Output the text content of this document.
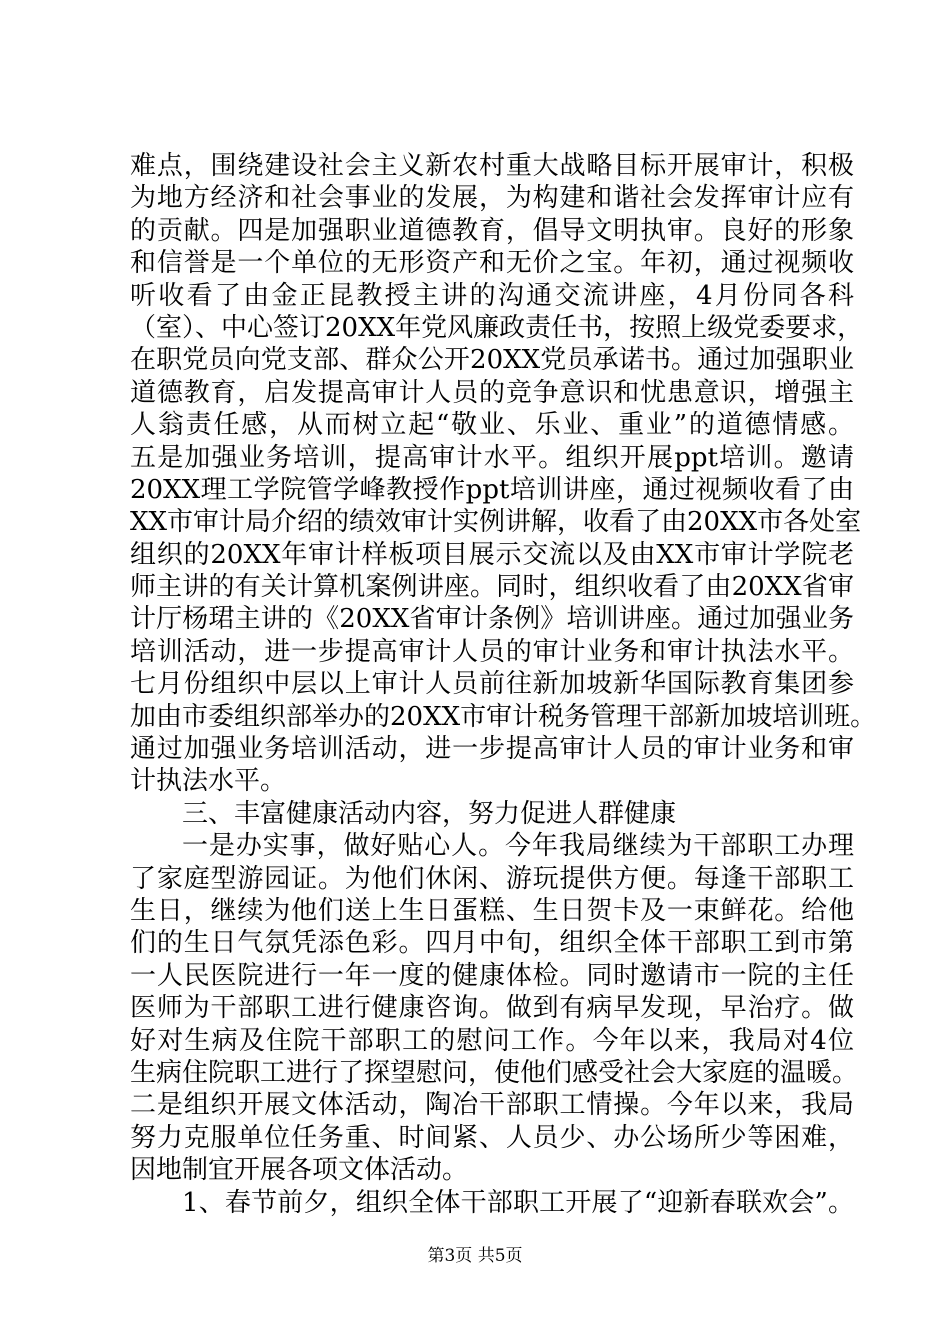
难点，围绕建设社会主义新农村重大战略目标开展审计，积极
为地方经济和社会事业的发展，为构建和谐社会发挥审计应有
的贡献。四是加强职业道德教育，倡导文明执审。良好的形象
和信誉是一个单位的无形资产和无价之宝。年初，通过视频收
听收看了由金正昆教授主讲的沟通交流讲座，4月份同各科
（室）、中心签订20XX年党风廉政责任书，按照上级党委要求，
在职党员向党支部、群众公开20XX党员承诺书。通过加强职业
道德教育，启发提高审计人员的竞争意识和忧患意识，增强主
人翁责任感，从而树立起“敬业、乐业、重业”的道德情感。
五是加强业务培训，提高审计水平。组织开展ppt培训。邀请
20XX理工学院管学峰教授作ppt培训讲座，通过视频收看了由
XX市审计局介绍的绩效审计实例讲解，收看了由20XX市各处室
组织的20XX年审计样板项目展示交流以及由XX市审计学院老
师主讲的有关计算机案例讲座。同时，组织收看了由20XX省审
计厅杨珺主讲的《20XX省审计条例》培训讲座。通过加强业务
培训活动，进一步提高审计人员的审计业务和审计执法水平。
七月份组织中层以上审计人员前往新加坡新华国际教育集团参
加由市委组织部举办的20XX市审计税务管理干部新加坡培训班。
通过加强业务培训活动，进一步提高审计人员的审计业务和审
计执法水平。
三、丰富健康活动内容，努力促进人群健康
一是办实事，做好贴心人。今年我局继续为干部职工办理
了家庭型游园证。为他们休闲、游玩提供方便。每逢干部职工
生日，继续为他们送上生日蛋糕、生日贺卡及一束鲜花。给他
们的生日气氛凭添色彩。四月中旬，组织全体干部职工到市第
一人民医院进行一年一度的健康体检。同时邀请市一院的主任
医师为干部职工进行健康咨询。做到有病早发现，早治疗。做
好对生病及住院干部职工的慰问工作。今年以来，我局对4位
生病住院职工进行了探望慰问，使他们感受社会大家庭的温暖。
二是组织开展文体活动，陶冶干部职工情操。今年以来，我局
努力克服单位任务重、时间紧、人员少、办公场所少等困难，
因地制宜开展各项文体活动。
1、春节前夕，组织全体干部职工开展了“迎新春联欢会”。
第3页 共5页
